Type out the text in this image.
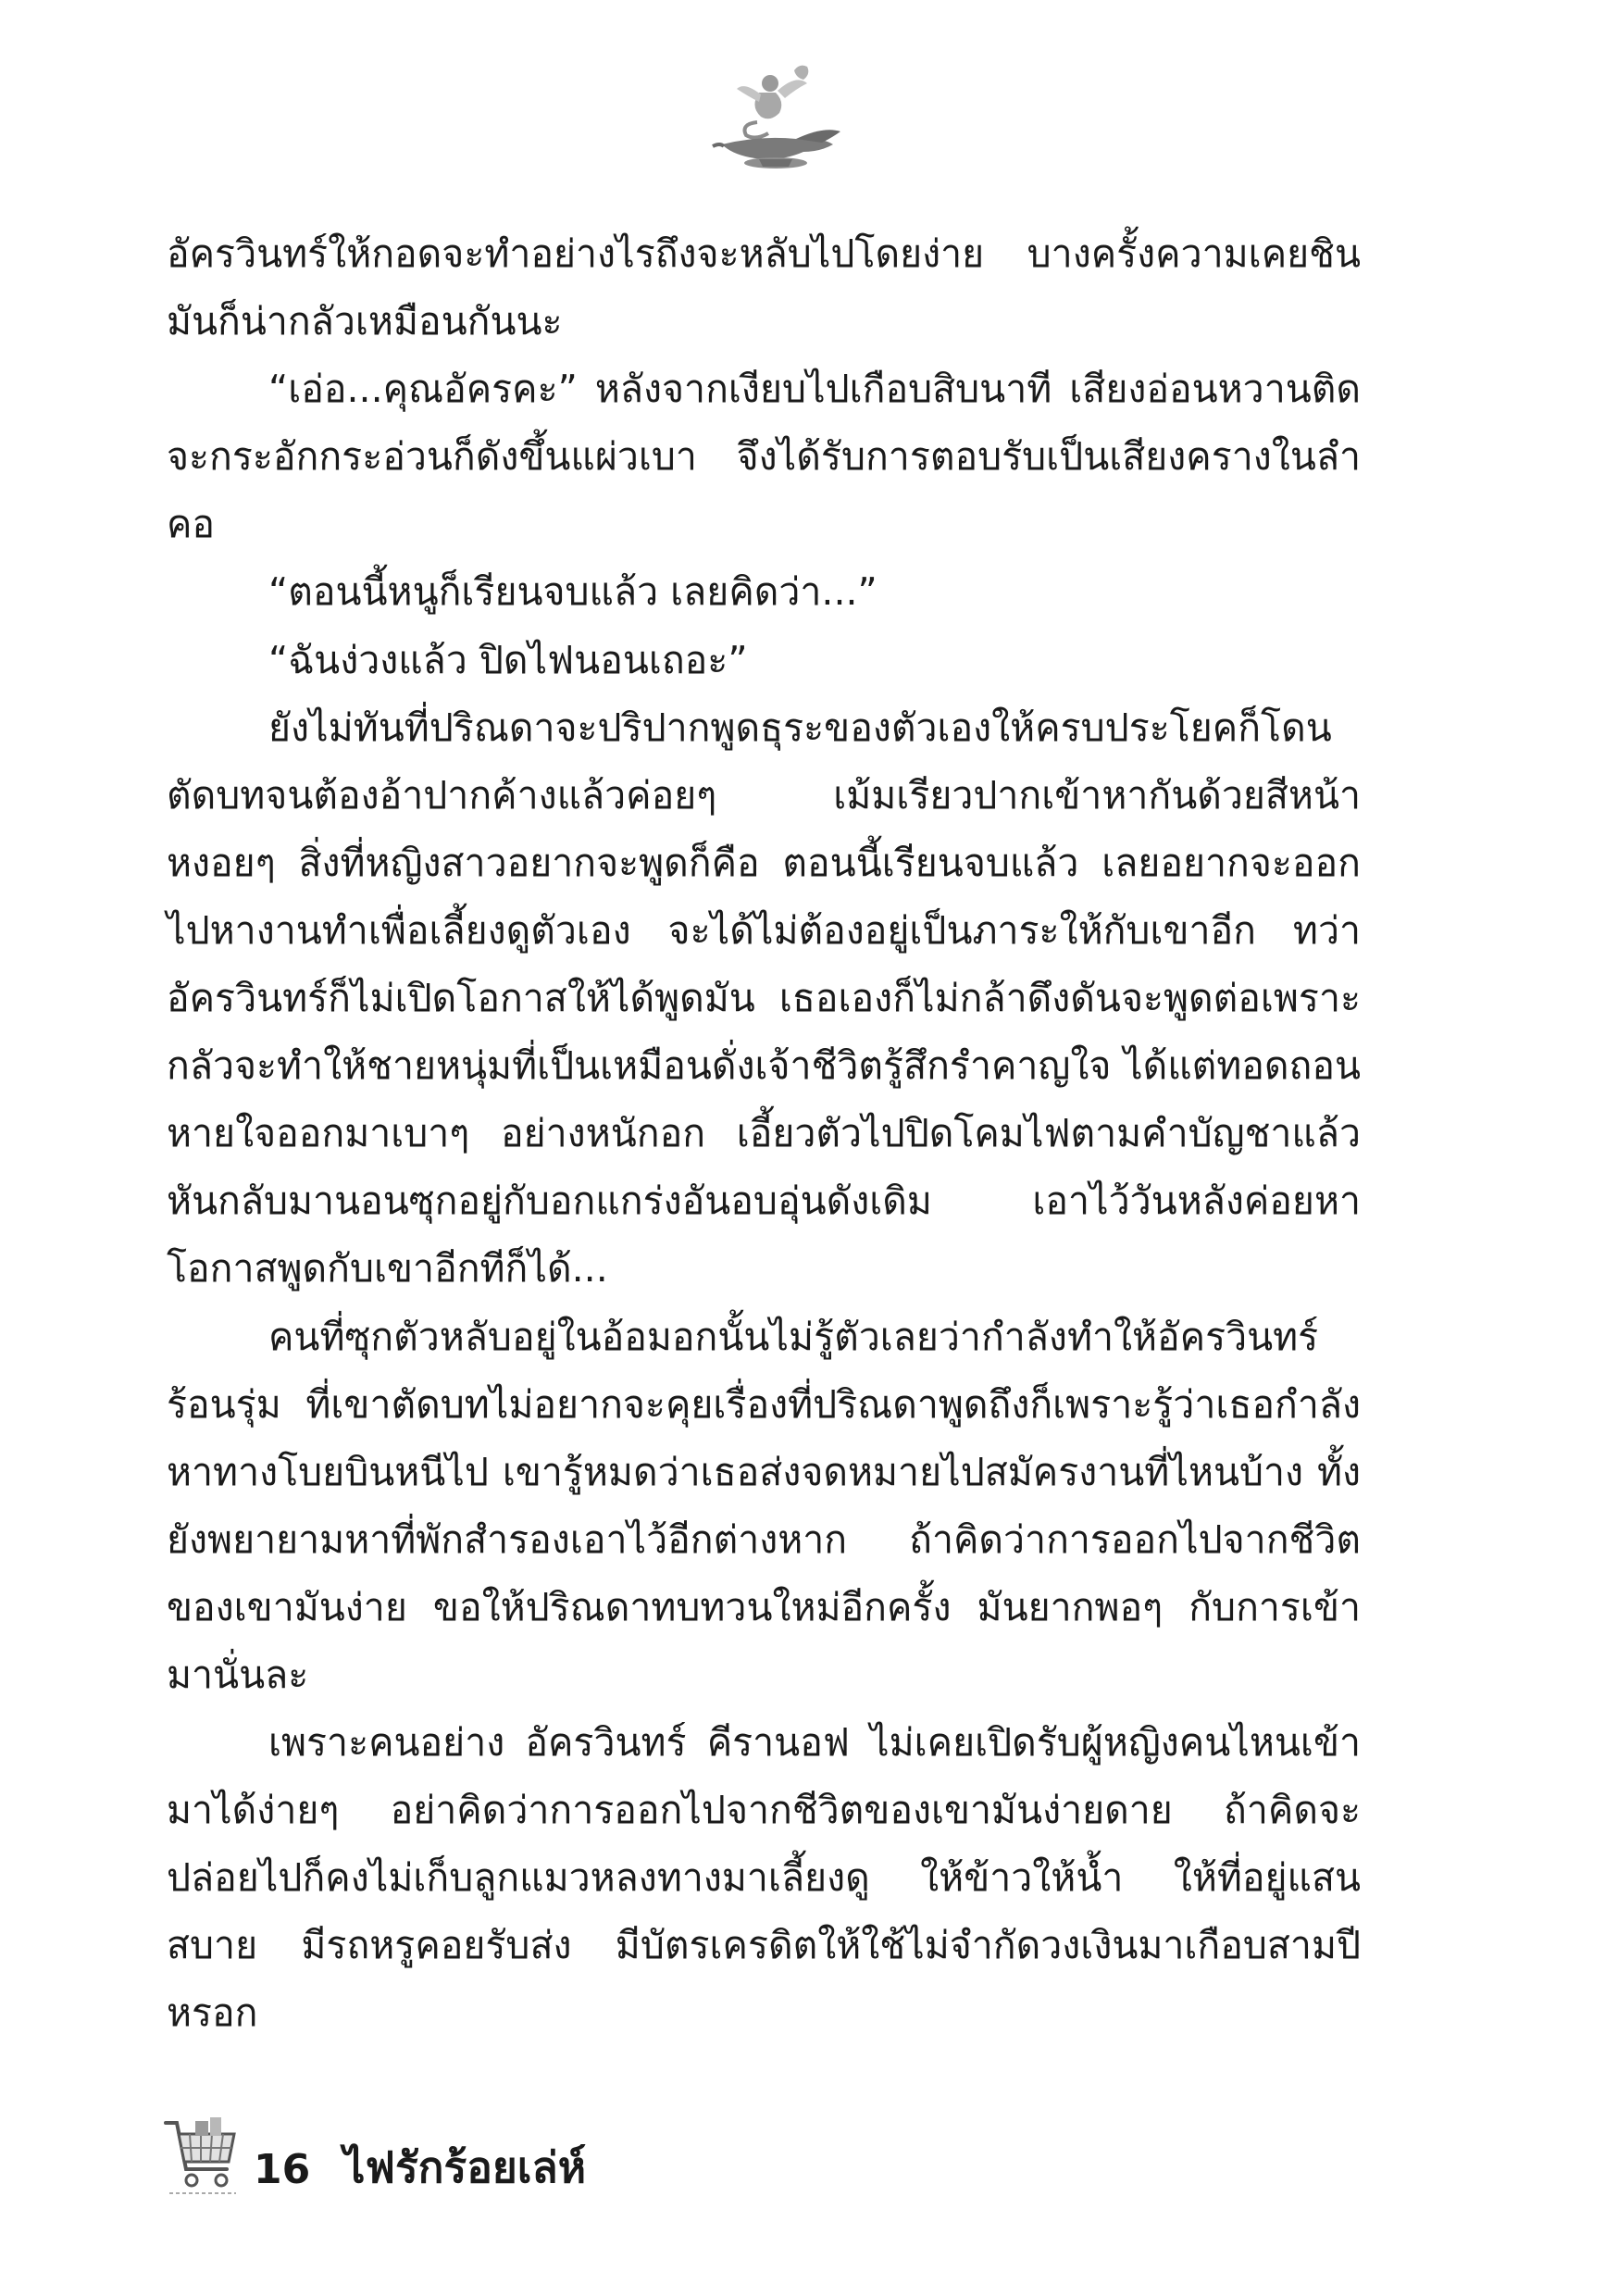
อัครวินทร์ให้กอดจะทำอย่างไรถึงจะหลับไปโดยง่าย บางครั้งความเคยชินมันก็น่ากลัวเหมือนกันนะ

“เอ่อ...คุณอัครคะ” หลังจากเงียบไปเกือบสิบนาที เสียงอ่อนหวานติดจะกระอักกระอ่วนก็ดังขึ้นแผ่วเบา จึงได้รับการตอบรับเป็นเสียงครางในลำคอ

“ตอนนี้หนูก็เรียนจบแล้ว เลยคิดว่า...”

“ฉันง่วงแล้ว ปิดไฟนอนเถอะ”

ยังไม่ทันที่ปริณดาจะปริปากพูดธุระของตัวเองให้ครบประโยคก็โดนตัดบทจนต้องอ้าปากค้างแล้วค่อยๆ เม้มเรียวปากเข้าหากันด้วยสีหน้าหงอยๆ สิ่งที่หญิงสาวอยากจะพูดก็คือ ตอนนี้เรียนจบแล้ว เลยอยากจะออกไปหางานทำเพื่อเลี้ยงดูตัวเอง จะได้ไม่ต้องอยู่เป็นภาระให้กับเขาอีก ทว่าอัครวินทร์ก็ไม่เปิดโอกาสให้ได้พูดมัน เธอเองก็ไม่กล้าดึงดันจะพูดต่อเพราะกลัวจะทำให้ชายหนุ่มที่เป็นเหมือนดั่งเจ้าชีวิตรู้สึกรำคาญใจ ได้แต่ทอดถอนหายใจออกมาเบาๆ อย่างหนักอก เอี้ยวตัวไปปิดโคมไฟตามคำบัญชาแล้วหันกลับมานอนซุกอยู่กับอกแกร่งอันอบอุ่นดังเดิม เอาไว้วันหลังค่อยหาโอกาสพูดกับเขาอีกทีก็ได้...

คนที่ซุกตัวหลับอยู่ในอ้อมอกนั้นไม่รู้ตัวเลยว่ากำลังทำให้อัครวินทร์ร้อนรุ่ม ที่เขาตัดบทไม่อยากจะคุยเรื่องที่ปริณดาพูดถึงก็เพราะรู้ว่าเธอกำลังหาทางโบยบินหนีไป เขารู้หมดว่าเธอส่งจดหมายไปสมัครงานที่ไหนบ้าง ทั้งยังพยายามหาที่พักสำรองเอาไว้อีกต่างหาก ถ้าคิดว่าการออกไปจากชีวิตของเขามันง่าย ขอให้ปริณดาทบทวนใหม่อีกครั้ง มันยากพอๆ กับการเข้ามานั่นละ

เพราะคนอย่าง อัครวินทร์ คีรานอฟ ไม่เคยเปิดรับผู้หญิงคนไหนเข้ามาได้ง่ายๆ อย่าคิดว่าการออกไปจากชีวิตของเขามันง่ายดาย ถ้าคิดจะปล่อยไปก็คงไม่เก็บลูกแมวหลงทางมาเลี้ยงดู ให้ข้าวให้น้ำ ให้ที่อยู่แสนสบาย มีรถหรูคอยรับส่ง มีบัตรเครดิตให้ใช้ไม่จำกัดวงเงินมาเกือบสามปีหรอก

16 ไฟรักร้อยเล่ห์
